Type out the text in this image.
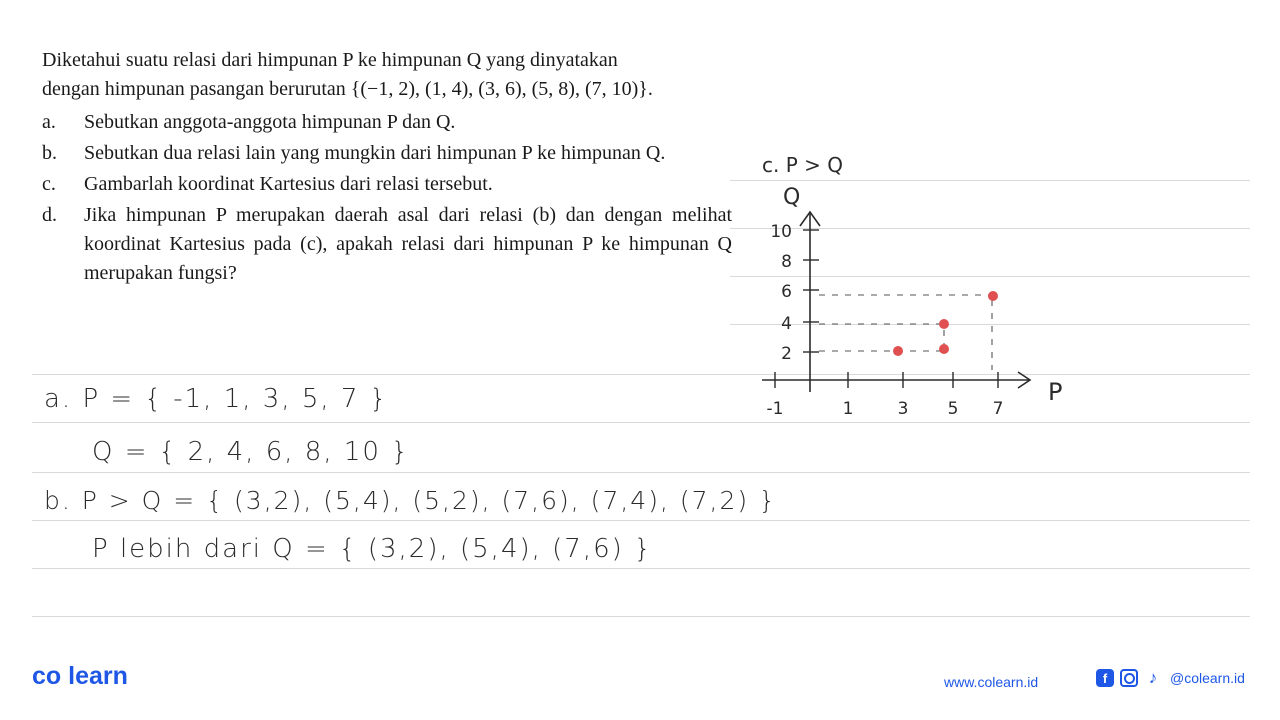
Diketahui suatu relasi dari himpunan P ke himpunan Q yang dinyatakan
dengan himpunan pasangan berurutan {(−1, 2), (1, 4), (3, 6), (5, 8), (7, 10)}.

a.	Sebutkan anggota-anggota himpunan P dan Q.
b.	Sebutkan dua relasi lain yang mungkin dari himpunan P ke himpunan Q.
c.	Gambarlah koordinat Kartesius dari relasi tersebut.
d.	Jika himpunan P merupakan daerah asal dari relasi (b) dan dengan melihat koordinat Kartesius pada (c), apakah relasi dari himpunan P ke himpunan Q merupakan fungsi?
c. P > Q
Q
P
10
8
6
4
2
-1	1	3 5 7
a. P = { -1, 1, 3, 5, 7 }
Q = { 2, 4, 6, 8, 10 }
b. P > Q = { (3,2), (5,4), (5,2), (7,6), (7,4), (7,2) }
P lebih dari Q = { (3,2), (5,4), (7,6) }
co learn	www.colearn.id	f	♪ @colearn.id
